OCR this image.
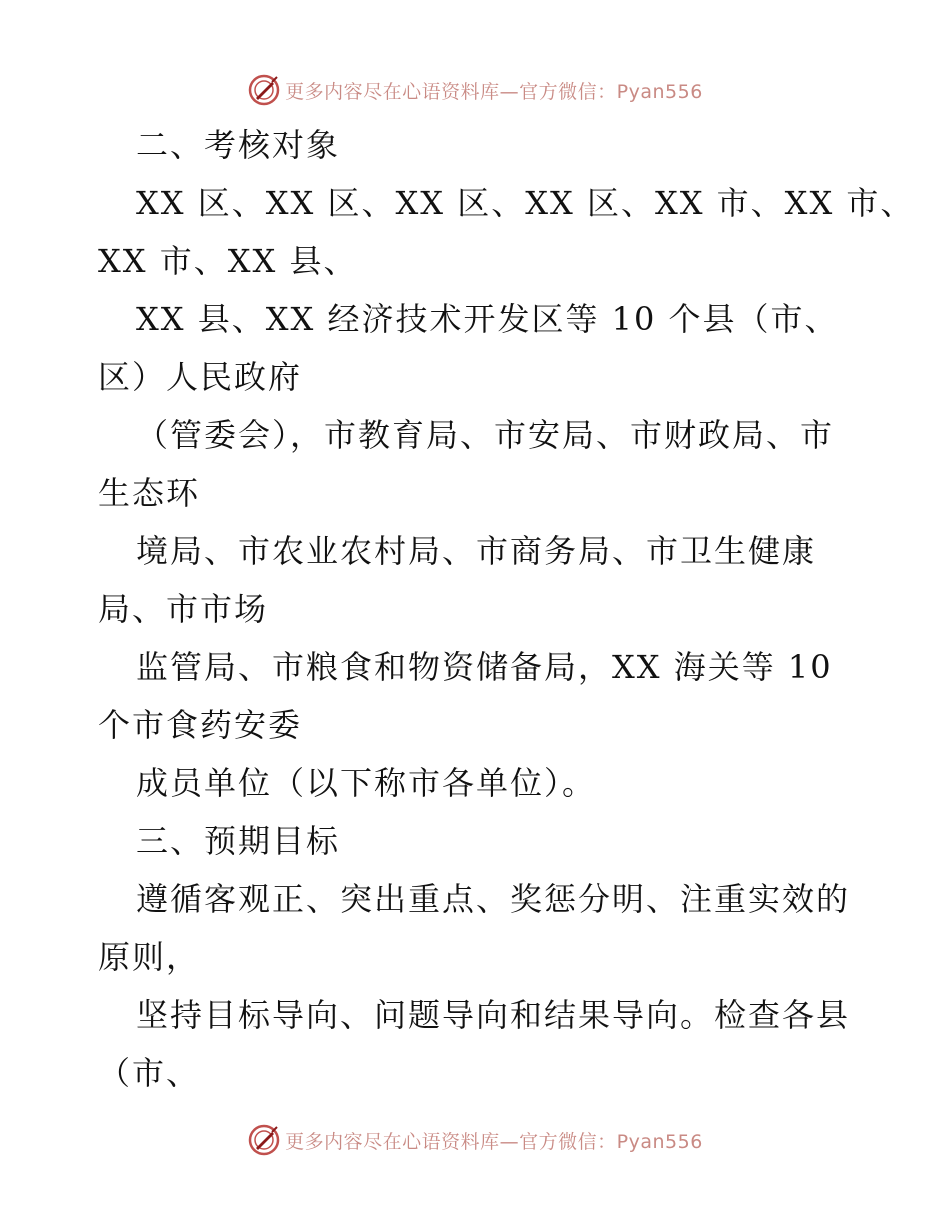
更多内容尽在心语资料库—官方微信：Pyan556
二、考核对象
XX 区、XX 区、XX 区、XX 区、XX 市、XX 市、
XX 市、XX 县、
XX 县、XX 经济技术开发区等 10 个县（市、
区）人民政府
（管委会），市教育局、市安局、市财政局、市
生态环
境局、市农业农村局、市商务局、市卫生健康
局、市市场
监管局、市粮食和物资储备局，XX 海关等 10
个市食药安委
成员单位（以下称市各单位）。
三、预期目标
遵循客观正、突出重点、奖惩分明、注重实效的
原则，
坚持目标导向、问题导向和结果导向。检查各县
（市、
更多内容尽在心语资料库—官方微信：Pyan556
